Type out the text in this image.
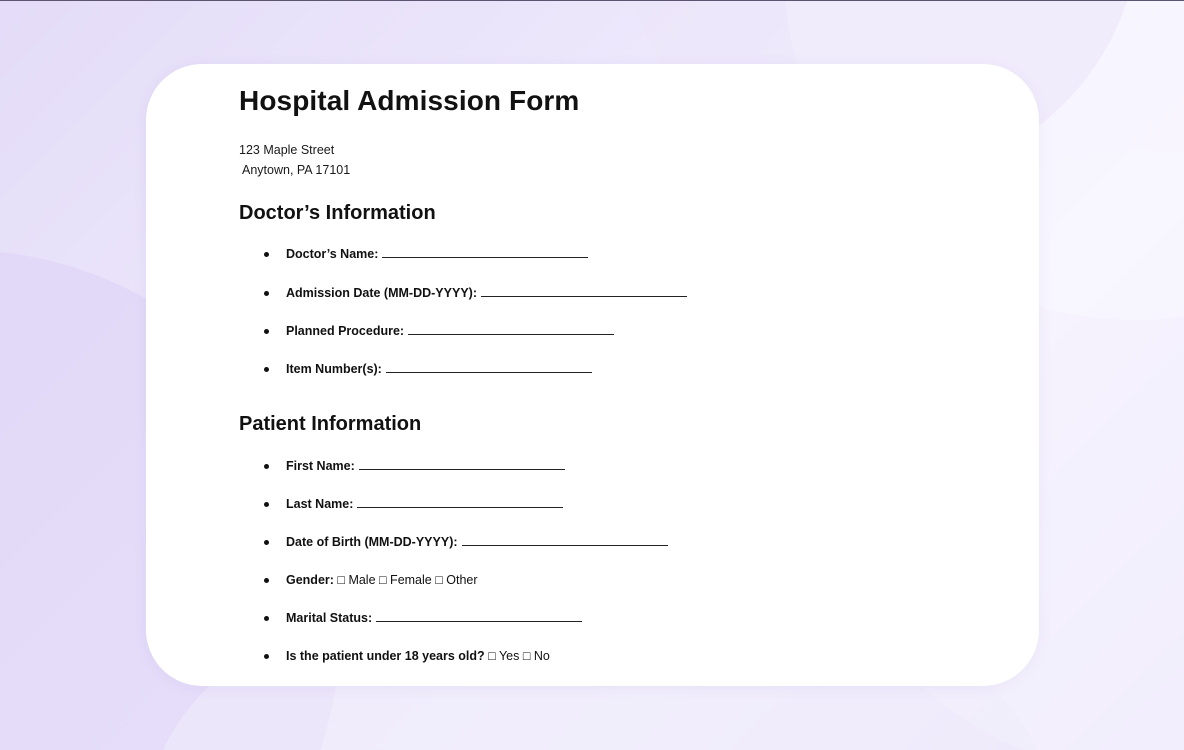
Hospital Admission Form
123 Maple Street
Anytown, PA 17101
Doctor’s Information
Doctor’s Name:
Admission Date (MM-DD-YYYY):
Planned Procedure:
Item Number(s):
Patient Information
First Name:
Last Name:
Date of Birth (MM-DD-YYYY):
Gender: □ Male □ Female □ Other
Marital Status:
Is the patient under 18 years old? □ Yes □ No
